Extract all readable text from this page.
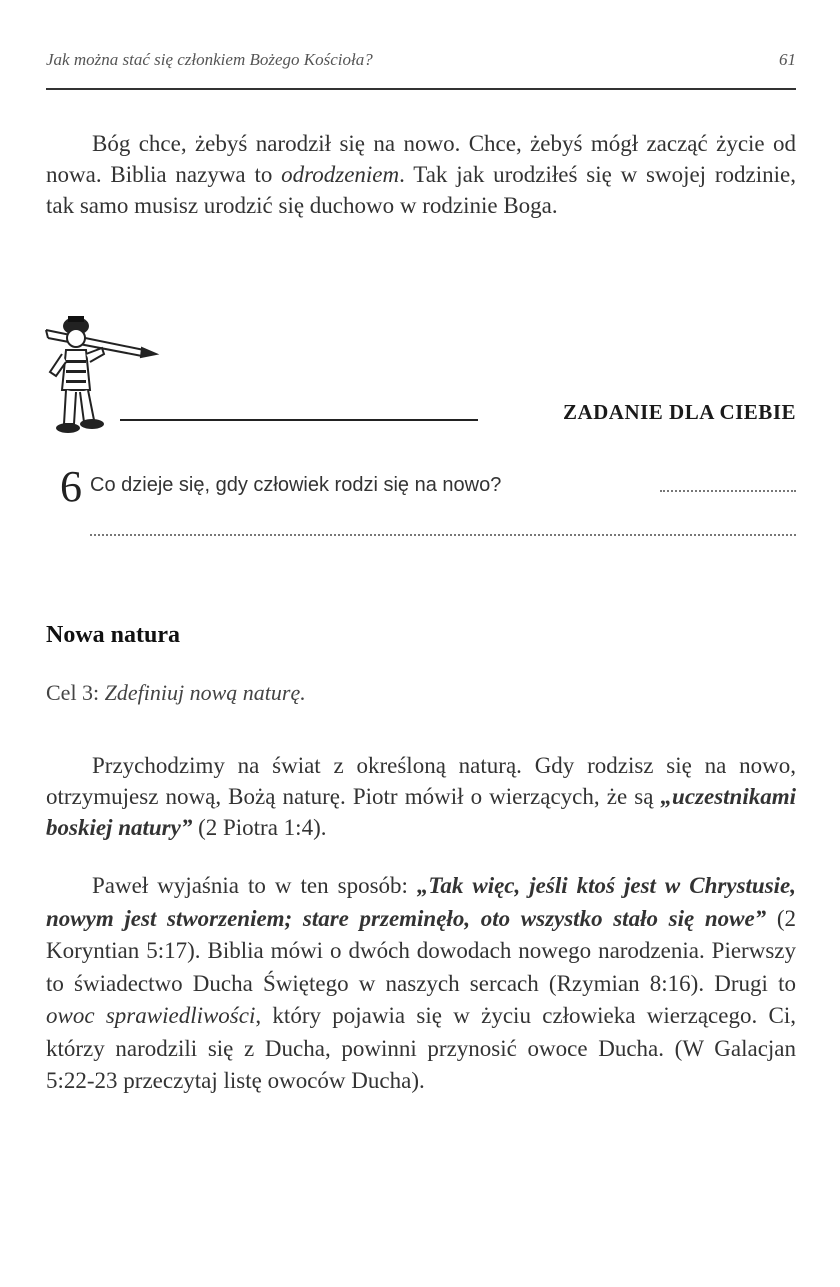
Jak można stać się członkiem Bożego Kościoła?	61

Bóg chce, żebyś narodził się na nowo. Chce, żebyś mógł zacząć życie od nowa. Biblia nazywa to odrodzeniem. Tak jak urodziłeś się w swojej rodzinie, tak samo musisz urodzić się duchowo w rodzinie Boga.

ZADANIE DLA CIEBIE
6 Co dzieje się, gdy człowiek rodzi się na nowo?
Nowa natura
Cel 3: Zdefiniuj nową naturę.

Przychodzimy na świat z określoną naturą. Gdy rodzisz się na nowo, otrzymujesz nową, Bożą naturę. Piotr mówił o wierzących, że są „uczestnikami boskiej natury” (2 Piotra 1:4).

Paweł wyjaśnia to w ten sposób: „Tak więc, jeśli ktoś jest w Chrystusie, nowym jest stworzeniem; stare przeminęło, oto wszystko stało się nowe” (2 Koryntian 5:17). Biblia mówi o dwóch dowodach nowego narodzenia. Pierwszy to świadectwo Ducha Świętego w naszych sercach (Rzymian 8:16). Drugi to owoc sprawiedliwości, który pojawia się w życiu człowieka wierzącego. Ci, którzy narodzili się z Ducha, powinni przynosić owoce Ducha. (W Galacjan 5:22-23 przeczytaj listę owoców Ducha).
